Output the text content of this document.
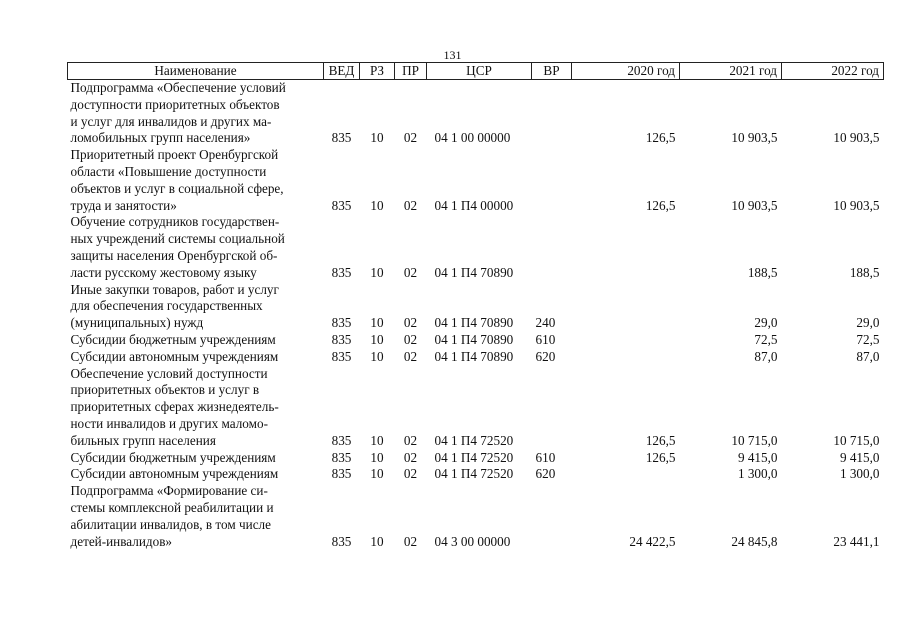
131
Наименование	ВЕД	РЗ	ПР	ЦСР	ВР	2020 год	2021 год	2022 год

Подпрограмма «Обеспечение условий
доступности приоритетных объектов
и услуг для инвалидов и других ма-
ломобильных групп населения»	835	10	02	04 1 00 00000		126,5	10 903,5	10 903,5

Приоритетный проект Оренбургской
области «Повышение доступности
объектов и услуг в социальной сфере,
труда и занятости»	835	10	02	04 1 П4 00000		126,5	10 903,5	10 903,5

Обучение сотрудников государствен-
ных учреждений системы социальной
защиты населения Оренбургской об-
ласти русскому жестовому языку	835	10	02	04 1 П4 70890			188,5	188,5

Иные закупки товаров, работ и услуг
для обеспечения государственных
(муниципальных) нужд	835	10	02	04 1 П4 70890	240		29,0	29,0

Субсидии бюджетным учреждениям	835	10	02	04 1 П4 70890	610		72,5	72,5

Субсидии автономным учреждениям	835	10	02	04 1 П4 70890	620		87,0	87,0

Обеспечение условий доступности
приоритетных объектов и услуг в
приоритетных сферах жизнедеятель-
ности инвалидов и других маломо-
бильных групп населения	835	10	02	04 1 П4 72520		126,5	10 715,0	10 715,0

Субсидии бюджетным учреждениям	835	10	02	04 1 П4 72520	610	126,5	9 415,0	9 415,0

Субсидии автономным учреждениям	835	10	02	04 1 П4 72520	620		1 300,0	1 300,0

Подпрограмма «Формирование си-
стемы комплексной реабилитации и
абилитации инвалидов, в том числе
детей-инвалидов»	835	10	02	04 3 00 00000		24 422,5	24 845,8	23 441,1
